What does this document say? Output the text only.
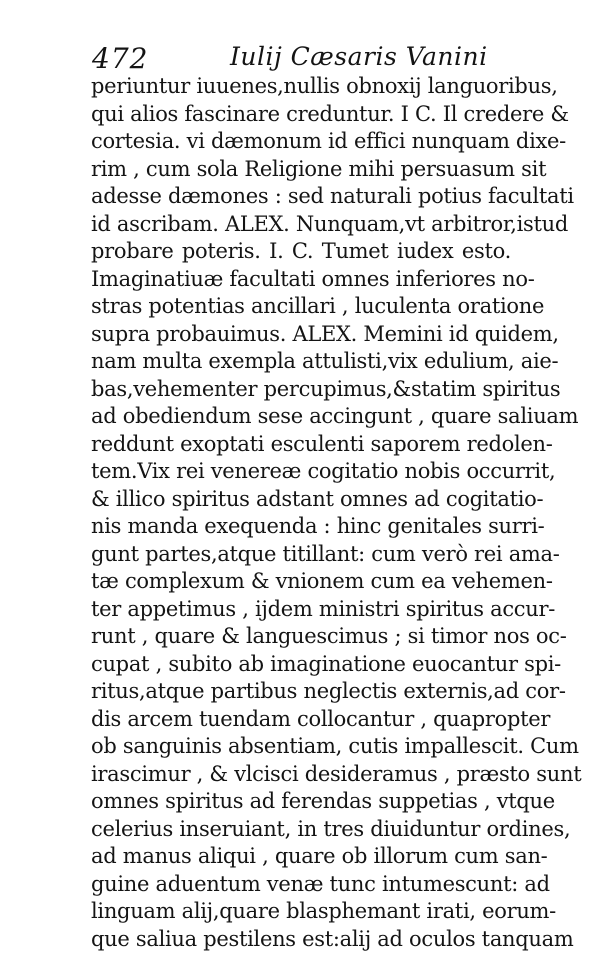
472	Iulij Cæsaris Vanini
periuntur iuuenes,nullis obnoxij languoribus,
qui alios fascinare creduntur. I C. Il credere &
cortesia. vi dæmonum id effici nunquam dixe-
rim , cum sola Religione mihi persuasum sit
adesse dæmones : sed naturali potius facultati
id ascribam. ALEX. Nunquam,vt arbitror,istud
probare poteris. I. C. Tumet iudex esto.
Imaginatiuæ facultati omnes inferiores no-
stras potentias ancillari , luculenta oratione
supra probauimus. ALEX. Memini id quidem,
nam multa exempla attulisti,vix edulium, aie-
bas,vehementer percupimus,&statim spiritus
ad obediendum sese accingunt , quare saliuam
reddunt exoptati esculenti saporem redolen-
tem.Vix rei venereæ cogitatio nobis occurrit,
& illico spiritus adstant omnes ad cogitatio-
nis manda exequenda : hinc genitales surri-
gunt partes,atque titillant: cum verò rei ama-
tæ complexum & vnionem cum ea vehemen-
ter appetimus , ijdem ministri spiritus accur-
runt , quare & languescimus ; si timor nos oc-
cupat , subito ab imaginatione euocantur spi-
ritus,atque partibus neglectis externis,ad cor-
dis arcem tuendam collocantur , quapropter
ob sanguinis absentiam, cutis impallescit. Cum
irascimur , & vlcisci desideramus , præsto sunt
omnes spiritus ad ferendas suppetias , vtque
celerius inseruiant, in tres diuiduntur ordines,
ad manus aliqui , quare ob illorum cum san-
guine aduentum venæ tunc intumescunt: ad
linguam alij,quare blasphemant irati, eorum-
que saliua pestilens est:alij ad oculos tanquam
